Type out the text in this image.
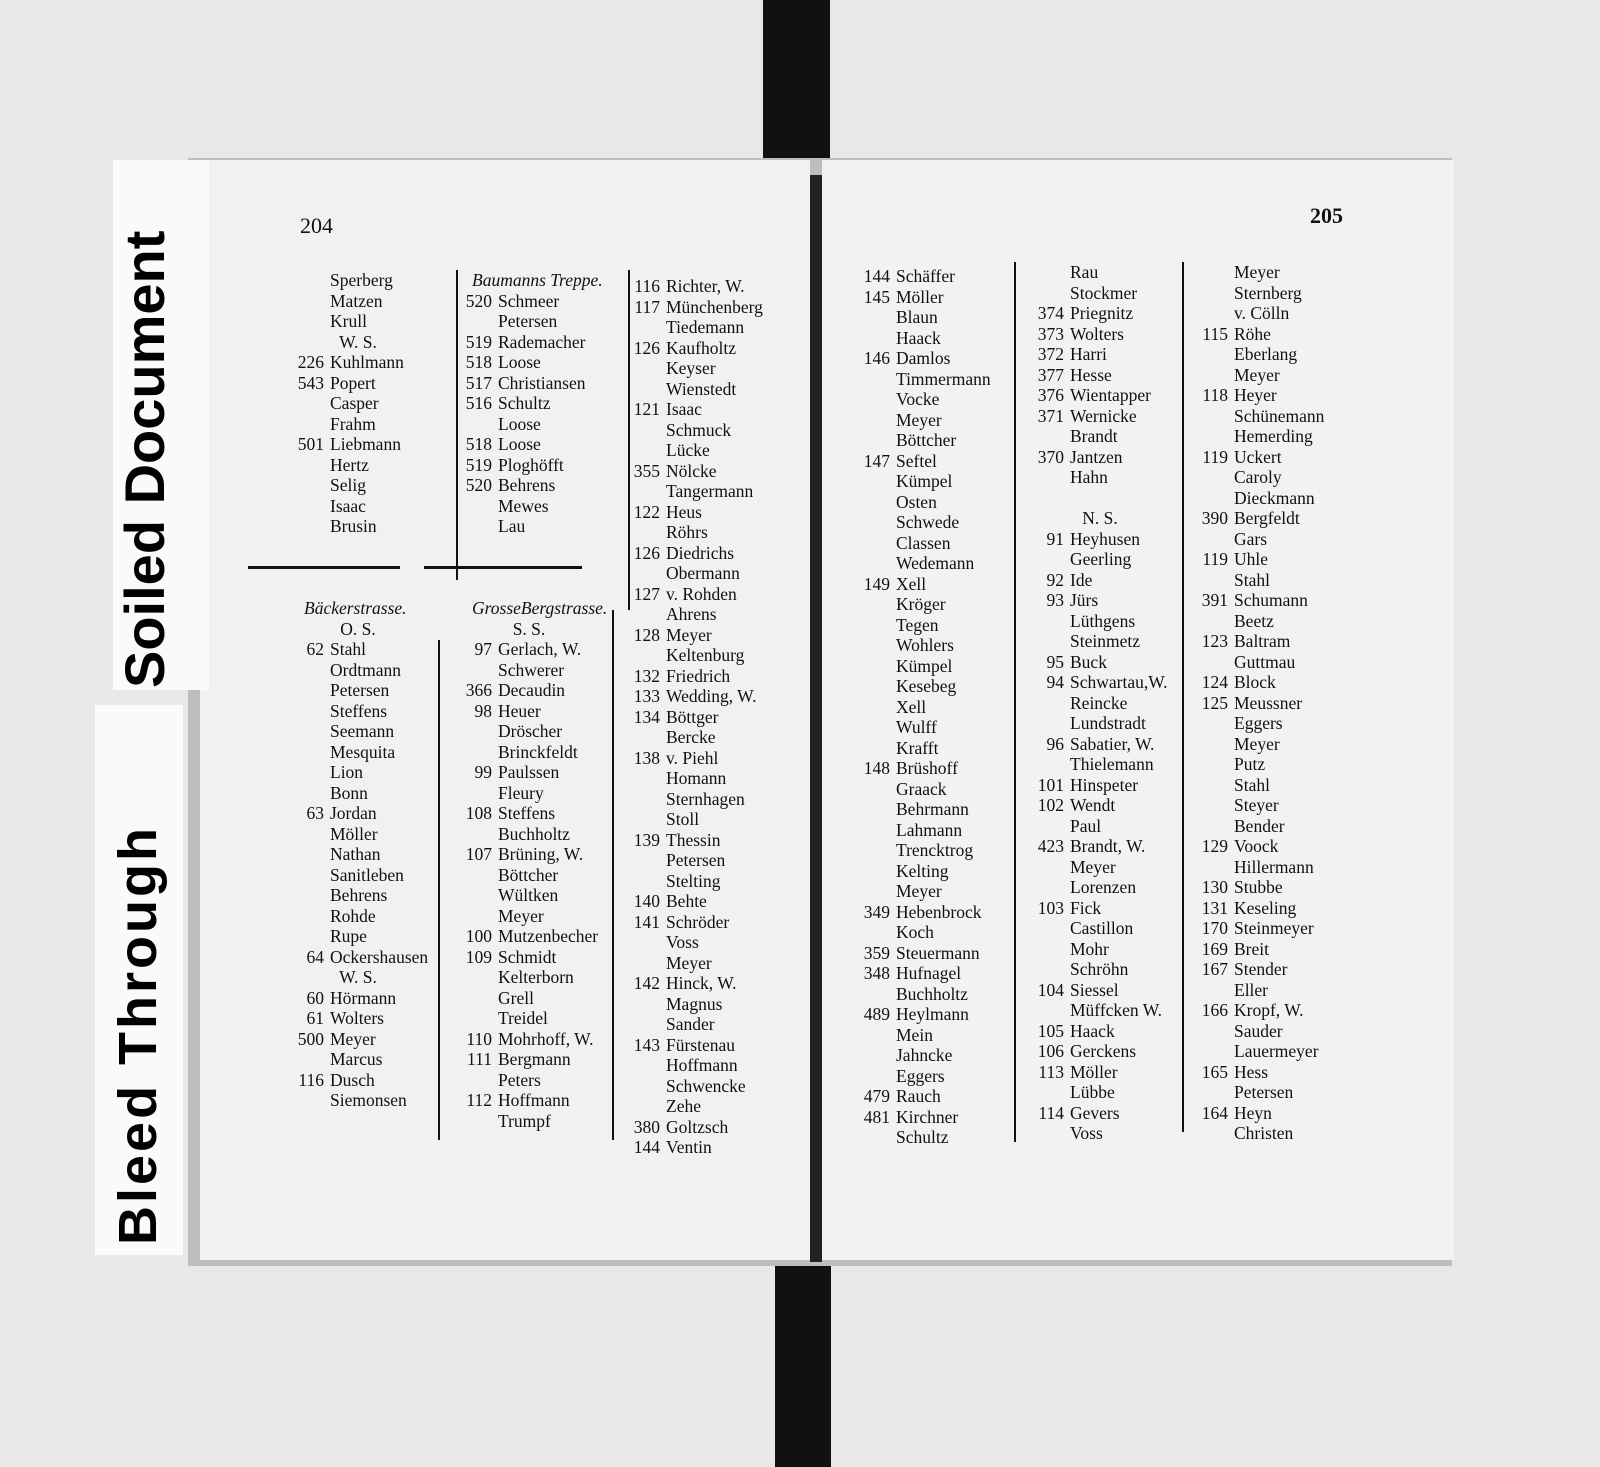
Soiled Document
Bleed Through
204	205
Sperberg
Matzen
Krull
W. S.
226 Kuhlmann
543 Popert
Casper
Frahm
501 Liebmann
Hertz
Selig
Isaac
Brusin
Bäckerstrasse.
O. S.
62 Stahl
Ordtmann
Petersen
Steffens
Seemann
Mesquita
Lion
Bonn
63 Jordan
Möller
Nathan
Sanitleben
Behrens
Rohde
Rupe
64 Ockershausen
W. S.
60 Hörmann
61 Wolters
500 Meyer
Marcus
116 Dusch
Siemonsen
Baumanns Treppe.
520 Schmeer
Petersen
519 Rademacher
518 Loose
517 Christiansen
516 Schultz
Loose
518 Loose
519 Ploghöfft
520 Behrens
Mewes
Lau
GrosseBergstrasse.
S. S.
97 Gerlach, W.
Schwerer
366 Decaudin
98 Heuer
Dröscher
Brinckfeldt
99 Paulssen
Fleury
108 Steffens
Buchholtz
107 Brüning, W.
Böttcher
Wültken
Meyer
100 Mutzenbecher
109 Schmidt
Kelterborn
Grell
Treidel
110 Mohrhoff, W.
111 Bergmann
Peters
112 Hoffmann
Trumpf
116 Richter, W.
117 Münchenberg
Tiedemann
126 Kaufholtz
Keyser
Wienstedt
121 Isaac
Schmuck
Lücke
355 Nölcke
Tangermann
122 Heus
Röhrs
126 Diedrichs
Obermann
127 v. Rohden
Ahrens
128 Meyer
Keltenburg
132 Friedrich
133 Wedding, W.
134 Böttger
Bercke
138 v. Piehl
Homann
Sternhagen
Stoll
139 Thessin
Petersen
Stelting
140 Behte
141 Schröder
Voss
Meyer
142 Hinck, W.
Magnus
Sander
143 Fürstenau
Hoffmann
Schwencke
Zehe
380 Goltzsch
144 Ventin
144 Schäffer
145 Möller
Blaun
Haack
146 Damlos
Timmermann
Vocke
Meyer
Böttcher
147 Seftel
Kümpel
Osten
Schwede
Classen
Wedemann
149 Xell
Kröger
Tegen
Wohlers
Kümpel
Kesebeg
Xell
Wulff
Krafft
148 Brüshoff
Graack
Behrmann
Lahmann
Trencktrog
Kelting
Meyer
349 Hebenbrock
Koch
359 Steuermann
348 Hufnagel
Buchholtz
489 Heylmann
Mein
Jahncke
Eggers
479 Rauch
481 Kirchner
Schultz
Rau
Stockmer
374 Priegnitz
373 Wolters
372 Harri
377 Hesse
376 Wientapper
371 Wernicke
Brandt
370 Jantzen
Hahn
N. S.
91 Heyhusen
Geerling
92 Ide
93 Jürs
Lüthgens
Steinmetz
95 Buck
94 Schwartau,W.
Reincke
Lundstradt
96 Sabatier, W.
Thielemann
101 Hinspeter
102 Wendt
Paul
423 Brandt, W.
Meyer
Lorenzen
103 Fick
Castillon
Mohr
Schröhn
104 Siessel
Müffcken W.
105 Haack
106 Gerckens
113 Möller
Lübbe
114 Gevers
Voss
Meyer
Sternberg
v. Cölln
115 Röhe
Eberlang
Meyer
118 Heyer
Schünemann
Hemerding
119 Uckert
Caroly
Dieckmann
390 Bergfeldt
Gars
119 Uhle
Stahl
391 Schumann
Beetz
123 Baltram
Guttmau
124 Block
125 Meussner
Eggers
Meyer
Putz
Stahl
Steyer
Bender
129 Voock
Hillermann
130 Stubbe
131 Keseling
170 Steinmeyer
169 Breit
167 Stender
Eller
166 Kropf, W.
Sauder
Lauermeyer
165 Hess
Petersen
164 Heyn
Christen
